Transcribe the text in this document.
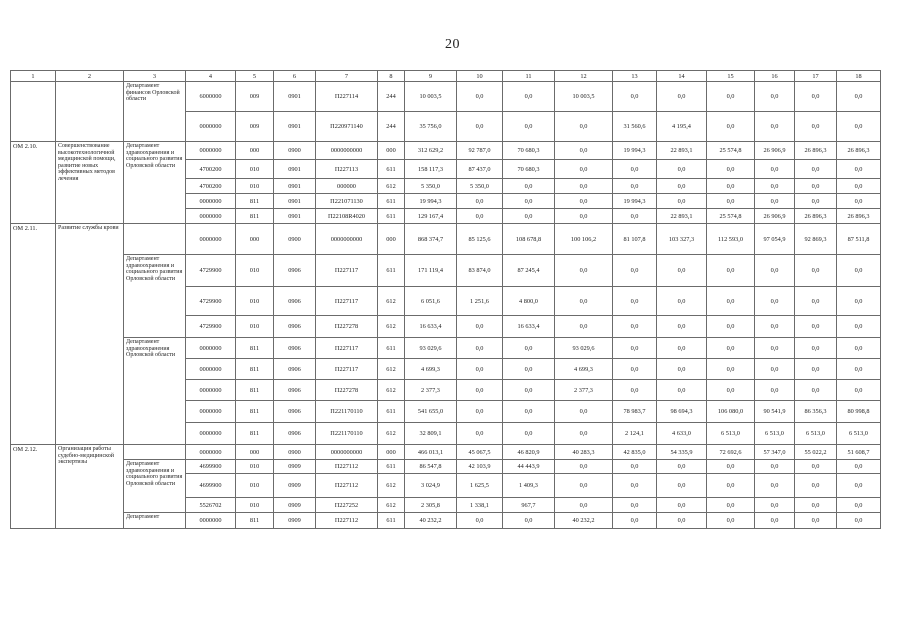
20
1	2	3	4	5	6	7	8	9	10	11	12	13	14	15	16	17	18
		Департамент финансов Орловской области	6000000	009	0901	П227114	244	10 003,5	0,0	0,0	10 003,5	0,0	0,0	0,0	0,0	0,0	0,0
			0000000	009	0901	П220971140	244	35 756,0	0,0	0,0	0,0	31 560,6	4 195,4	0,0	0,0	0,0	0,0
ОМ 2.10.	Совершенствование высокотехнологичной медицинской помощи, развитие новых эффективных методов лечения	Департамент здравоохранения и социального развития Орловской области	0000000	000	0900	0000000000	000	312 629,2	92 787,0	70 680,3	0,0	19 994,3	22 893,1	25 574,8	26 906,9	26 896,3	26 896,3
			4700200	010	0901	П227113	611	158 117,3	87 437,0	70 680,3	0,0	0,0	0,0	0,0	0,0	0,0	0,0
			4700200	010	0901	000000	612	5 350,0	5 350,0	0,0	0,0	0,0	0,0	0,0	0,0	0,0	0,0
			0000000	811	0901	П221071130	611	19 994,3	0,0	0,0	0,0	19 994,3	0,0	0,0	0,0	0,0	0,0
			0000000	811	0901	П22108R4020	611	129 167,4	0,0	0,0	0,0	0,0	22 893,1	25 574,8	26 906,9	26 896,3	26 896,3
ОМ 2.11.	Развитие службы крови		0000000	000	0900	0000000000	000	868 374,7	85 125,6	108 678,8	100 106,2	81 107,8	103 327,3	112 593,0	97 054,9	92 869,3	87 511,8
		Департамент здравоохранения и социального развития Орловской области	4729900	010	0906	П227117	611	171 119,4	83 874,0	87 245,4	0,0	0,0	0,0	0,0	0,0	0,0	0,0
			4729900	010	0906	П227117	612	6 051,6	1 251,6	4 800,0	0,0	0,0	0,0	0,0	0,0	0,0	0,0
			4729900	010	0906	П227278	612	16 633,4	0,0	16 633,4	0,0	0,0	0,0	0,0	0,0	0,0	0,0
		Департамент здравоохранения Орловской области	0000000	811	0906	П227117	611	93 029,6	0,0	0,0	93 029,6	0,0	0,0	0,0	0,0	0,0	0,0
			0000000	811	0906	П227117	612	4 699,3	0,0	0,0	4 699,3	0,0	0,0	0,0	0,0	0,0	0,0
			0000000	811	0906	П227278	612	2 377,3	0,0	0,0	2 377,3	0,0	0,0	0,0	0,0	0,0	0,0
			0000000	811	0906	П221170110	611	541 655,0	0,0	0,0	0,0	78 983,7	98 694,3	106 080,0	90 541,9	86 356,3	80 998,8
			0000000	811	0906	П221170110	612	32 809,1	0,0	0,0	0,0	2 124,1	4 633,0	6 513,0	6 513,0	6 513,0	6 513,0
ОМ 2.12.	Организация работы судебно-медицинской экспертизы		0000000	000	0900	0000000000	000	466 013,1	45 067,5	46 820,9	40 283,3	42 835,0	54 335,9	72 692,6	57 347,0	55 022,2	51 608,7
		Департамент здравоохранения и социального развития Орловской области	4699900	010	0909	П227112	611	86 547,8	42 103,9	44 443,9	0,0	0,0	0,0	0,0	0,0	0,0	0,0
			4699900	010	0909	П227112	612	3 024,9	1 625,5	1 409,3	0,0	0,0	0,0	0,0	0,0	0,0	0,0
			5526702	010	0909	П227252	612	2 305,8	1 338,1	967,7	0,0	0,0	0,0	0,0	0,0	0,0	0,0
		Департамент	0000000	811	0909	П227112	611	40 232,2	0,0	0,0	40 232,2	0,0	0,0	0,0	0,0	0,0	0,0
